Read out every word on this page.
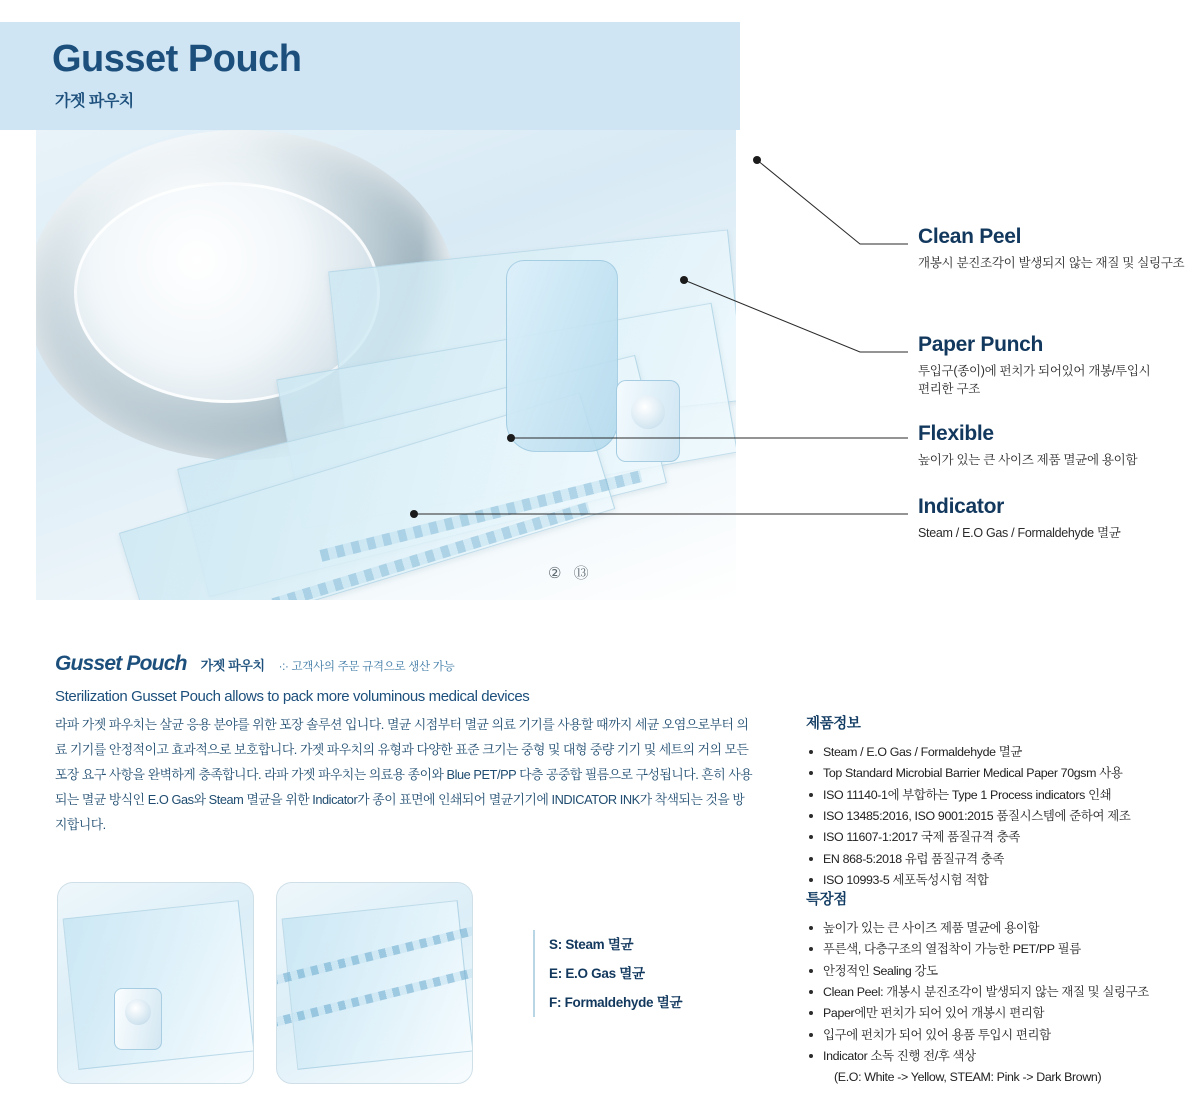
Gusset Pouch
가젯 파우치
② ⑬
Clean Peel
개봉시 분진조각이 발생되지 않는 재질 및 실링구조
Paper Punch
투입구(종이)에 펀치가 되어있어 개봉/투입시 편리한 구조
Flexible
높이가 있는 큰 사이즈 제품 멸균에 용이함
Indicator
Steam / E.O Gas / Formaldehyde 멸균
Gusset Pouch 가젯 파우치 ·:· 고객사의 주문 규격으로 생산 가능
Sterilization Gusset Pouch allows to pack more voluminous medical devices
라파 가젯 파우치는 살균 응용 분야를 위한 포장 솔루션 입니다. 멸균 시점부터 멸균 의료 기기를 사용할 때까지 세균 오염으로부터 의료 기기를 안정적이고 효과적으로 보호합니다. 가젯 파우치의 유형과 다양한 표준 크기는 중형 및 대형 중량 기기 및 세트의 거의 모든 포장 요구 사항을 완벽하게 충족합니다. 라파 가젯 파우치는 의료용 종이와 Blue PET/PP 다층 공중합 필름으로 구성됩니다. 흔히 사용되는 멸균 방식인 E.O Gas와 Steam 멸균을 위한 Indicator가 종이 표면에 인쇄되어 멸균기기에 INDICATOR INK가 착색되는 것을 방지합니다.
제품정보
Steam / E.O Gas / Formaldehyde 멸균
Top Standard Microbial Barrier Medical Paper 70gsm 사용
ISO 11140-1에 부합하는 Type 1 Process indicators 인쇄
ISO 13485:2016, ISO 9001:2015 품질시스템에 준하여 제조
ISO 11607-1:2017 국제 품질규격 충족
EN 868-5:2018 유럽 품질규격 충족
ISO 10993-5 세포독성시험 적합
특장점
높이가 있는 큰 사이즈 제품 멸균에 용이함
푸른색, 다층구조의 열접착이 가능한 PET/PP 필름
안정적인 Sealing 강도
Clean Peel: 개봉시 분진조각이 발생되지 않는 재질 및 실링구조
Paper에만 펀치가 되어 있어 개봉시 편리함
입구에 펀치가 되어 있어 용품 투입시 편리함
Indicator 소독 진행 전/후 색상
(E.O: White -> Yellow, STEAM: Pink -> Dark Brown)
S: Steam 멸균
E: E.O Gas 멸균
F: Formaldehyde 멸균
